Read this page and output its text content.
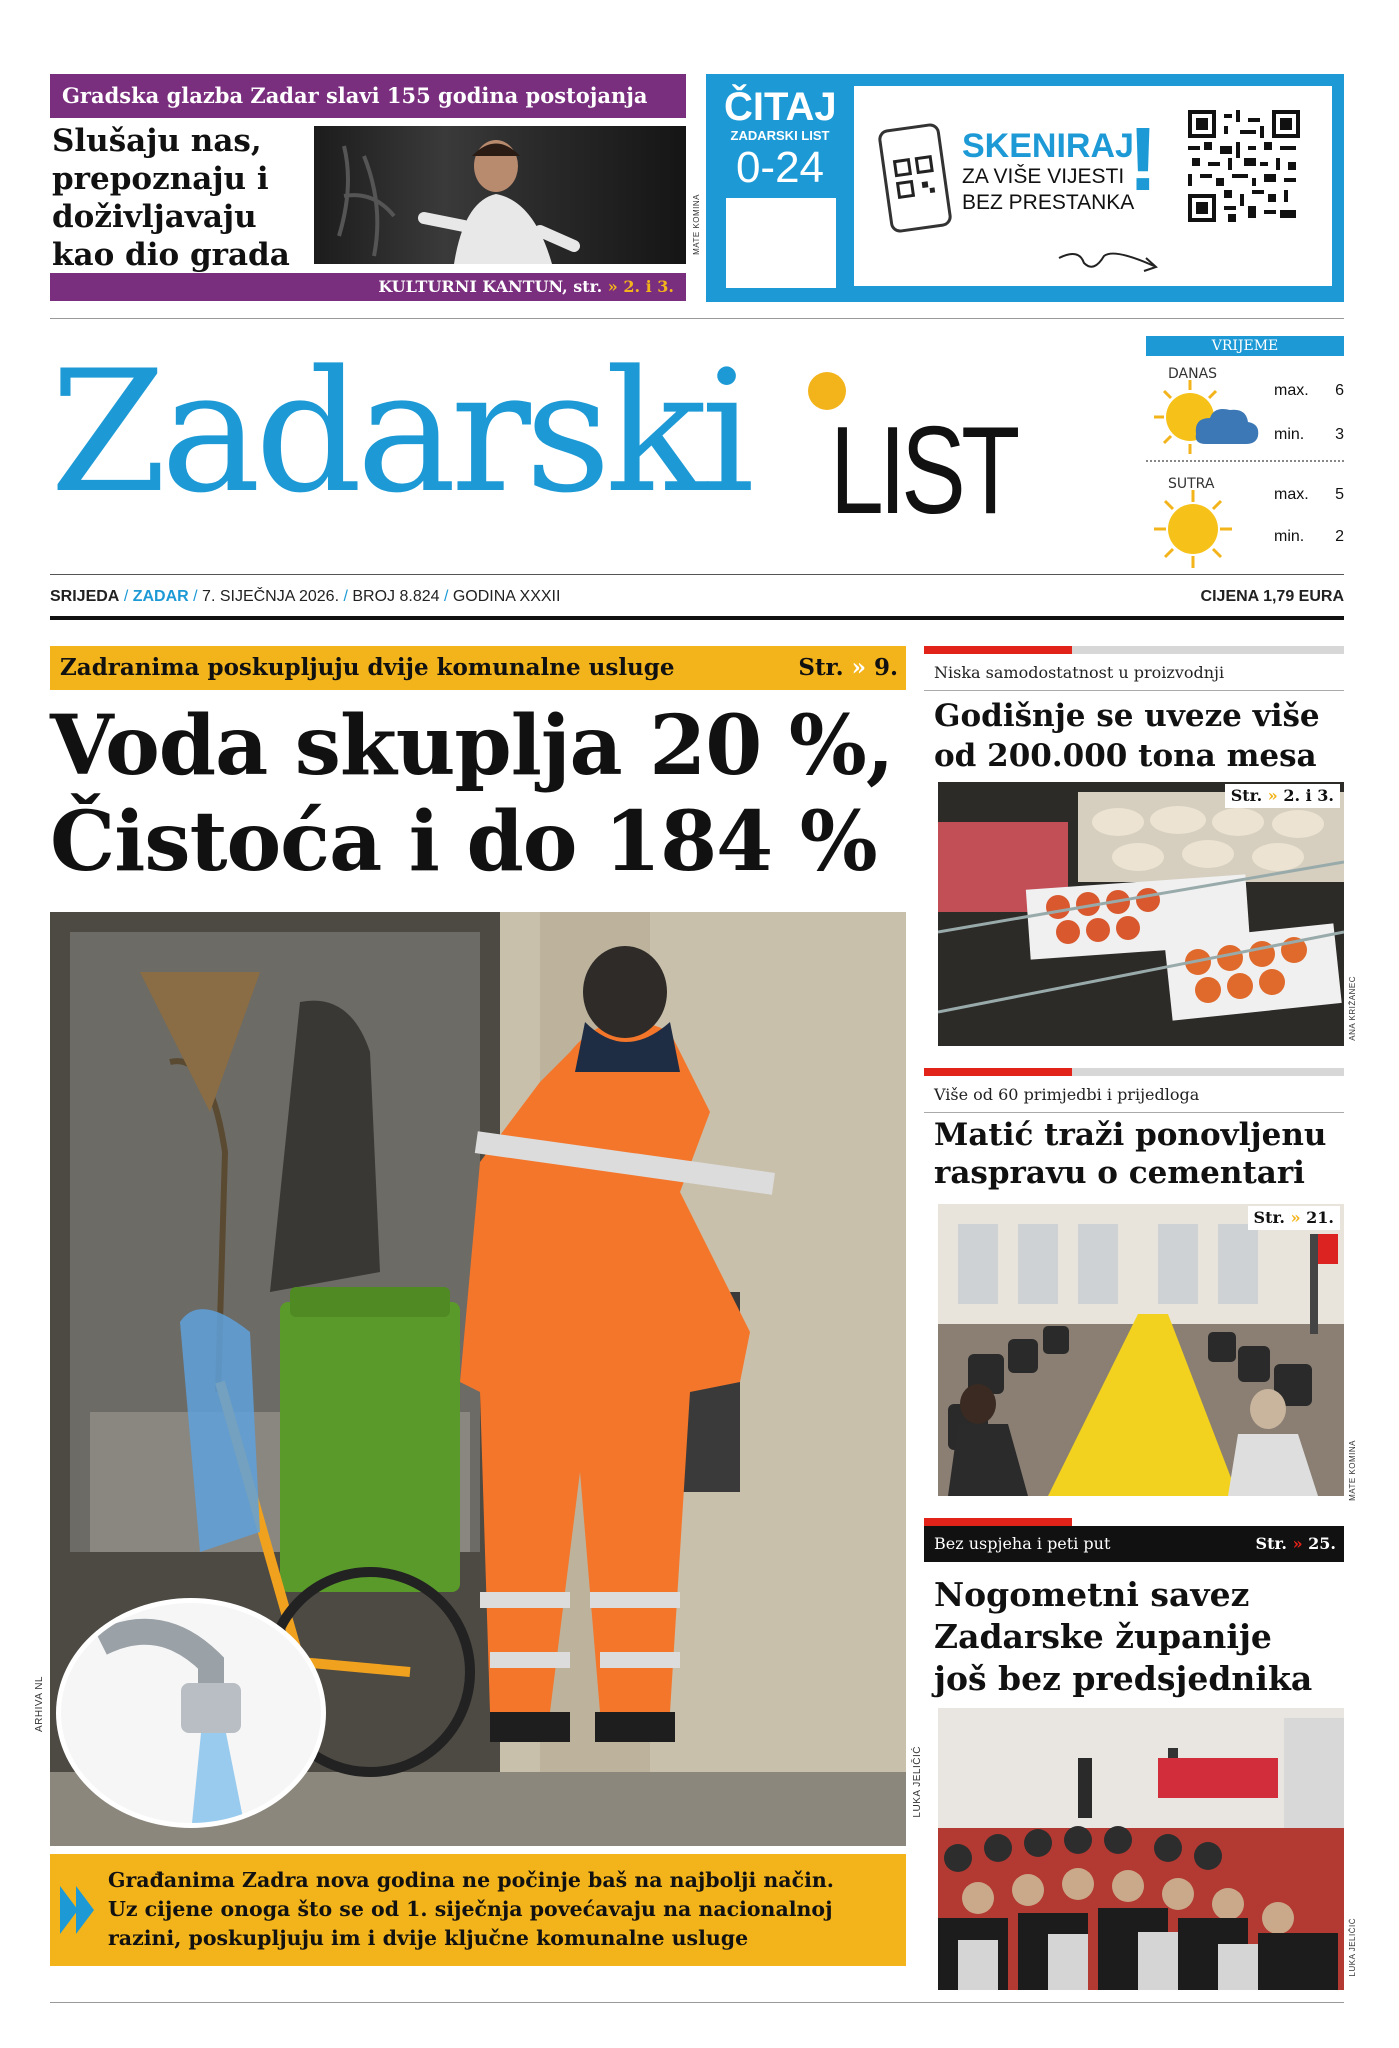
Gradska glazba Zadar slavi 155 godina postojanja
Slušaju nas,
prepoznaju i
doživljavaju
kao dio grada
MATE KOMINA
KULTURNI KANTUN, str. » 2. i 3.
ČITAJ
ZADARSKI LIST
0-24	SKENIRAJ
ZA VIŠE VIJESTI
BEZ PRESTANKA
!
Zadarski LIST
VRIJEME
DANAS
max. 6
min. 3
SUTRA
max. 5
min. 2
SRIJEDA / ZADAR / 7. SIJEČNJA 2026. / BROJ 8.824 / GODINA XXXII	CIJENA 1,79 EURA
Zadranima poskupljuju dvije komunalne usluge	Str. » 9.
Voda skuplja 20 %,
Čistoća i do 184 %
ARHIVA NL
LUKA JELIČIĆ
Građanima Zadra nova godina ne počinje baš na najbolji način.
Uz cijene onoga što se od 1. siječnja povećavaju na nacionalnoj
razini, poskupljuju im i dvije ključne komunalne usluge
Niska samodostatnost u proizvodnji
Godišnje se uveze više
od 200.000 tona mesa
Str. » 2. i 3.
ANA KRIŽANEC
Više od 60 primjedbi i prijedloga
Matić traži ponovljenu
raspravu o cementari
Str. » 21.
MATE KOMINA
Bez uspjeha i peti put	Str. » 25.
Nogometni savez
Zadarske županije
još bez predsjednika
LUKA JELIČIĆ
